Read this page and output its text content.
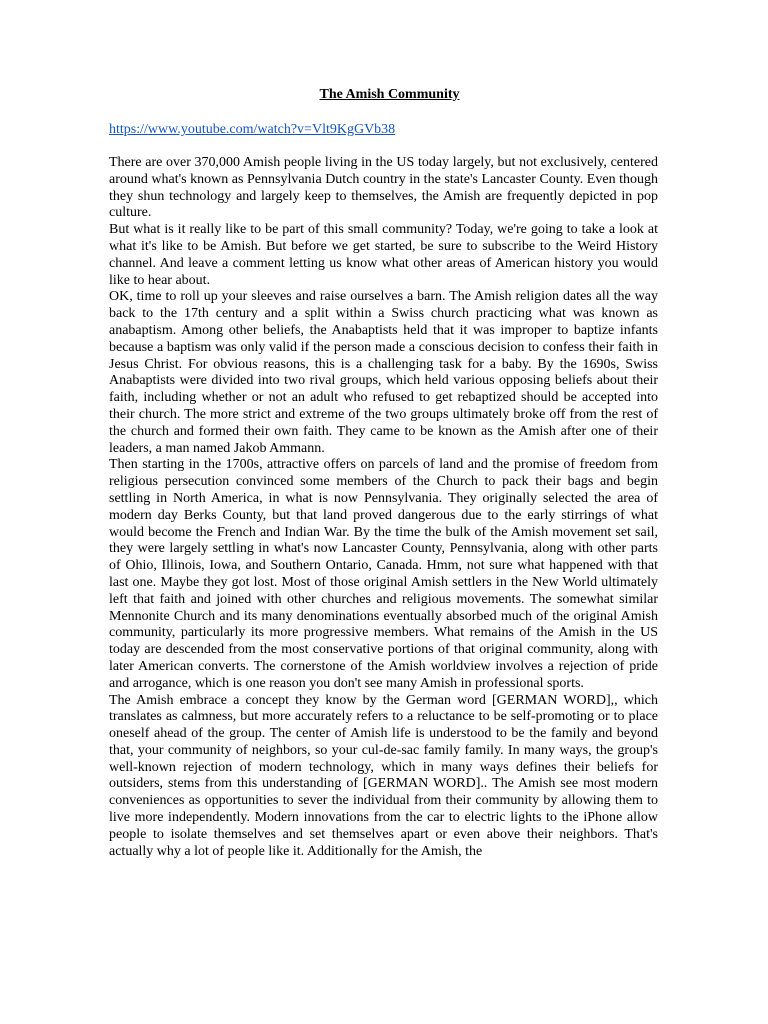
The Amish Community
https://www.youtube.com/watch?v=Vlt9KgGVb38

There are over 370,000 Amish people living in the US today largely, but not exclusively, centered around what's known as Pennsylvania Dutch country in the state's Lancaster County. Even though they shun technology and largely keep to themselves, the Amish are frequently depicted in pop culture.

But what is it really like to be part of this small community? Today, we're going to take a look at what it's like to be Amish. But before we get started, be sure to subscribe to the Weird History channel. And leave a comment letting us know what other areas of American history you would like to hear about.

OK, time to roll up your sleeves and raise ourselves a barn. The Amish religion dates all the way back to the 17th century and a split within a Swiss church practicing what was known as anabaptism. Among other beliefs, the Anabaptists held that it was improper to baptize infants because a baptism was only valid if the person made a conscious decision to confess their faith in Jesus Christ. For obvious reasons, this is a challenging task for a baby. By the 1690s, Swiss Anabaptists were divided into two rival groups, which held various opposing beliefs about their faith, including whether or not an adult who refused to get rebaptized should be accepted into their church. The more strict and extreme of the two groups ultimately broke off from the rest of the church and formed their own faith. They came to be known as the Amish after one of their leaders, a man named Jakob Ammann.

Then starting in the 1700s, attractive offers on parcels of land and the promise of freedom from religious persecution convinced some members of the Church to pack their bags and begin settling in North America, in what is now Pennsylvania. They originally selected the area of modern day Berks County, but that land proved dangerous due to the early stirrings of what would become the French and Indian War. By the time the bulk of the Amish movement set sail, they were largely settling in what's now Lancaster County, Pennsylvania, along with other parts of Ohio, Illinois, Iowa, and Southern Ontario, Canada. Hmm, not sure what happened with that last one. Maybe they got lost. Most of those original Amish settlers in the New World ultimately left that faith and joined with other churches and religious movements. The somewhat similar Mennonite Church and its many denominations eventually absorbed much of the original Amish community, particularly its more progressive members. What remains of the Amish in the US today are descended from the most conservative portions of that original community, along with later American converts. The cornerstone of the Amish worldview involves a rejection of pride and arrogance, which is one reason you don't see many Amish in professional sports.

The Amish embrace a concept they know by the German word [GERMAN WORD],, which translates as calmness, but more accurately refers to a reluctance to be self-promoting or to place oneself ahead of the group. The center of Amish life is understood to be the family and beyond that, your community of neighbors, so your cul-de-sac family family. In many ways, the group's well-known rejection of modern technology, which in many ways defines their beliefs for outsiders, stems from this understanding of [GERMAN WORD].. The Amish see most modern conveniences as opportunities to sever the individual from their community by allowing them to live more independently. Modern innovations from the car to electric lights to the iPhone allow people to isolate themselves and set themselves apart or even above their neighbors. That's actually why a lot of people like it. Additionally for the Amish, the
